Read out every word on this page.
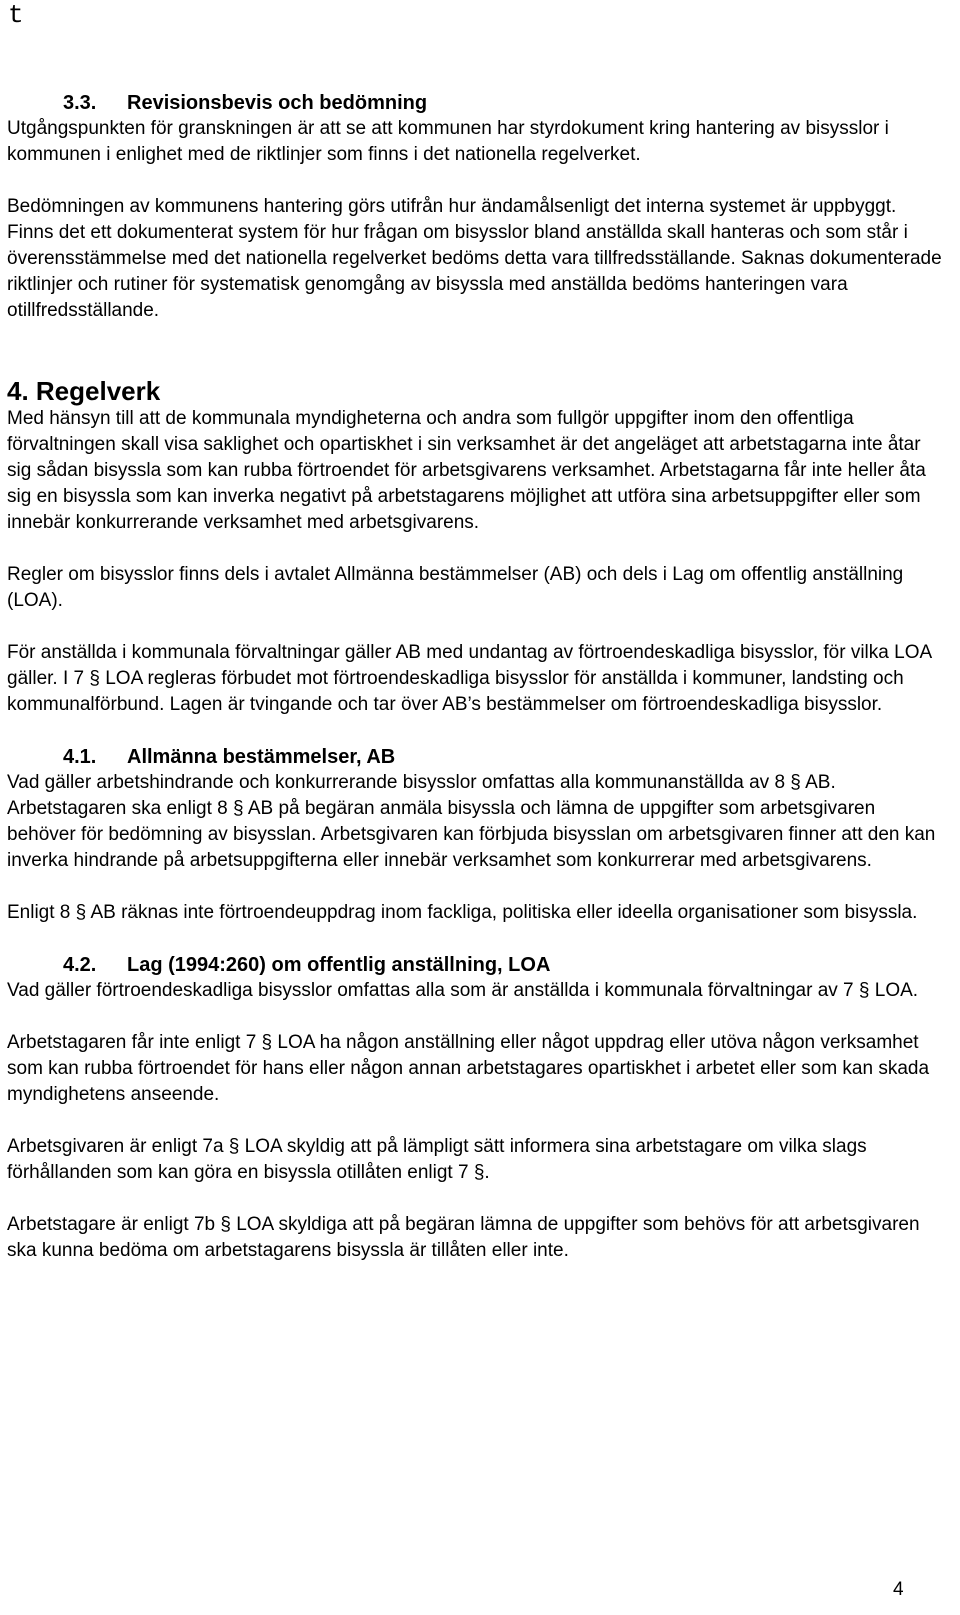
t
3.3.	Revisionsbevis och bedömning

Utgångspunkten för granskningen är att se att kommunen har styrdokument kring hantering av bisysslor i kommunen i enlighet med de riktlinjer som finns i det nationella regelverket.

Bedömningen av kommunens hantering görs utifrån hur ändamålsenligt det interna systemet är uppbyggt. Finns det ett dokumenterat system för hur frågan om bisysslor bland anställda skall hanteras och som står i överensstämmelse med det nationella regelverket bedöms detta vara tillfredsställande. Saknas dokumenterade riktlinjer och rutiner för systematisk genomgång av bisyssla med anställda bedöms hanteringen vara otillfredsställande.

4. Regelverk

Med hänsyn till att de kommunala myndigheterna och andra som fullgör uppgifter inom den offentliga förvaltningen skall visa saklighet och opartiskhet i sin verksamhet är det angeläget att arbetstagarna inte åtar sig sådan bisyssla som kan rubba förtroendet för arbetsgivarens verksamhet. Arbetstagarna får inte heller åta sig en bisyssla som kan inverka negativt på arbetstagarens möjlighet att utföra sina arbetsuppgifter eller som innebär konkurrerande verksamhet med arbetsgivarens.

Regler om bisysslor finns dels i avtalet Allmänna bestämmelser (AB) och dels i Lag om offentlig anställning (LOA).

För anställda i kommunala förvaltningar gäller AB med undantag av förtroendeskadliga bisysslor, för vilka LOA gäller. I 7 § LOA regleras förbudet mot förtroendeskadliga bisysslor för anställda i kommuner, landsting och kommunalförbund. Lagen är tvingande och tar över AB’s bestämmelser om förtroendeskadliga bisysslor.

4.1.	Allmänna bestämmelser, AB

Vad gäller arbetshindrande och konkurrerande bisysslor omfattas alla kommunanställda av 8 § AB.

Arbetstagaren ska enligt 8 § AB på begäran anmäla bisyssla och lämna de uppgifter som arbetsgivaren behöver för bedömning av bisysslan. Arbetsgivaren kan förbjuda bisysslan om arbetsgivaren finner att den kan inverka hindrande på arbetsuppgifterna eller innebär verksamhet som konkurrerar med arbetsgivarens.

Enligt 8 § AB räknas inte förtroendeuppdrag inom fackliga, politiska eller ideella organisationer som bisyssla.

4.2.	Lag (1994:260) om offentlig anställning, LOA

Vad gäller förtroendeskadliga bisysslor omfattas alla som är anställda i kommunala förvaltningar av 7 § LOA.

Arbetstagaren får inte enligt 7 § LOA ha någon anställning eller något uppdrag eller utöva någon verksamhet som kan rubba förtroendet för hans eller någon annan arbetstagares opartiskhet i arbetet eller som kan skada myndighetens anseende.

Arbetsgivaren är enligt 7a § LOA skyldig att på lämpligt sätt informera sina arbetstagare om vilka slags förhållanden som kan göra en bisyssla otillåten enligt 7 §.

Arbetstagare är enligt 7b § LOA skyldiga att på begäran lämna de uppgifter som behövs för att arbetsgivaren ska kunna bedöma om arbetstagarens bisyssla är tillåten eller inte.

4
